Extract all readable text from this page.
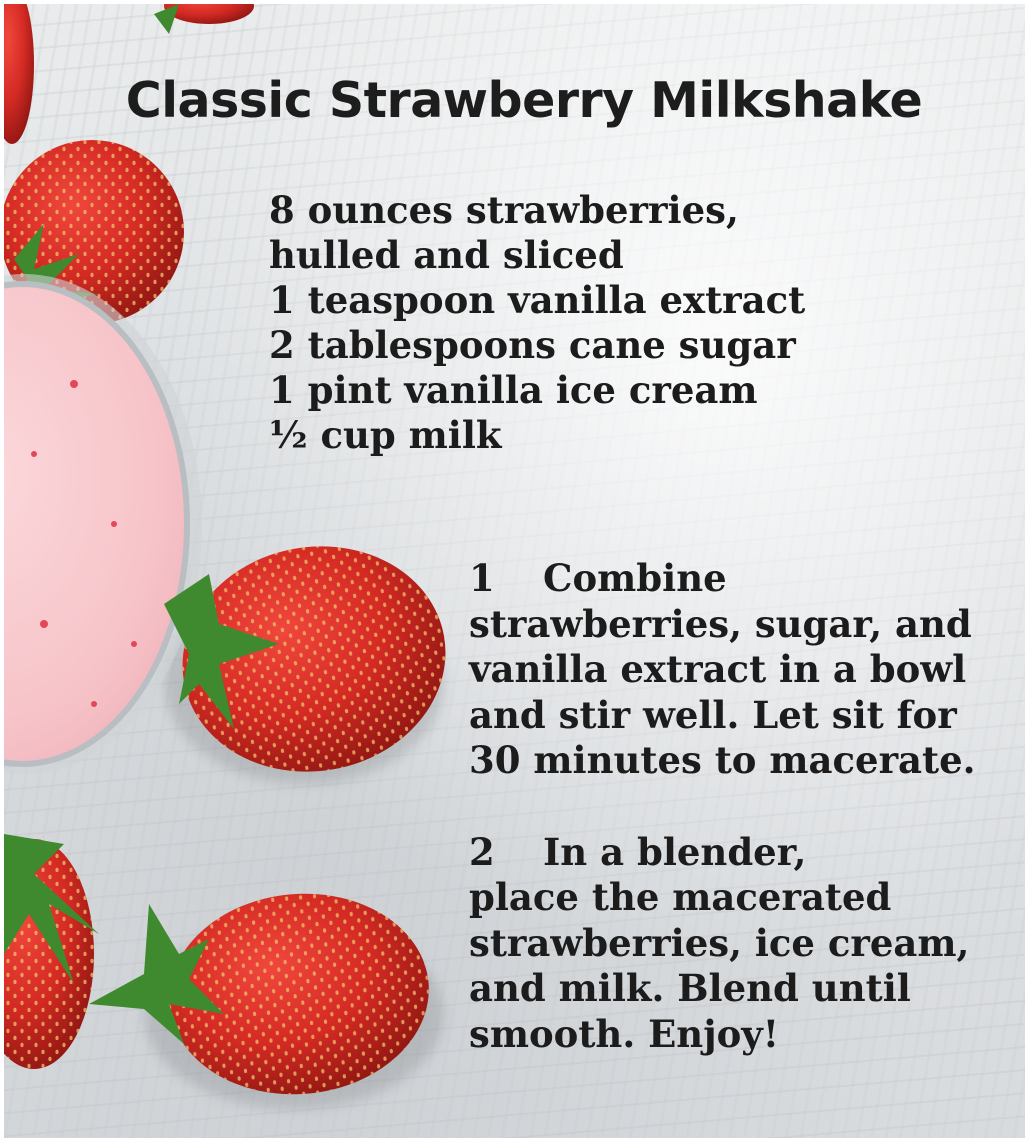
Classic Strawberry Milkshake
8 ounces strawberries,
hulled and sliced
1 teaspoon vanilla extract
2 tablespoons cane sugar
1 pint vanilla ice cream
½ cup milk

1 Combine
strawberries, sugar, and
vanilla extract in a bowl
and stir well. Let sit for
30 minutes to macerate.

2 In a blender,
place the macerated
strawberries, ice cream,
and milk. Blend until
smooth. Enjoy!
